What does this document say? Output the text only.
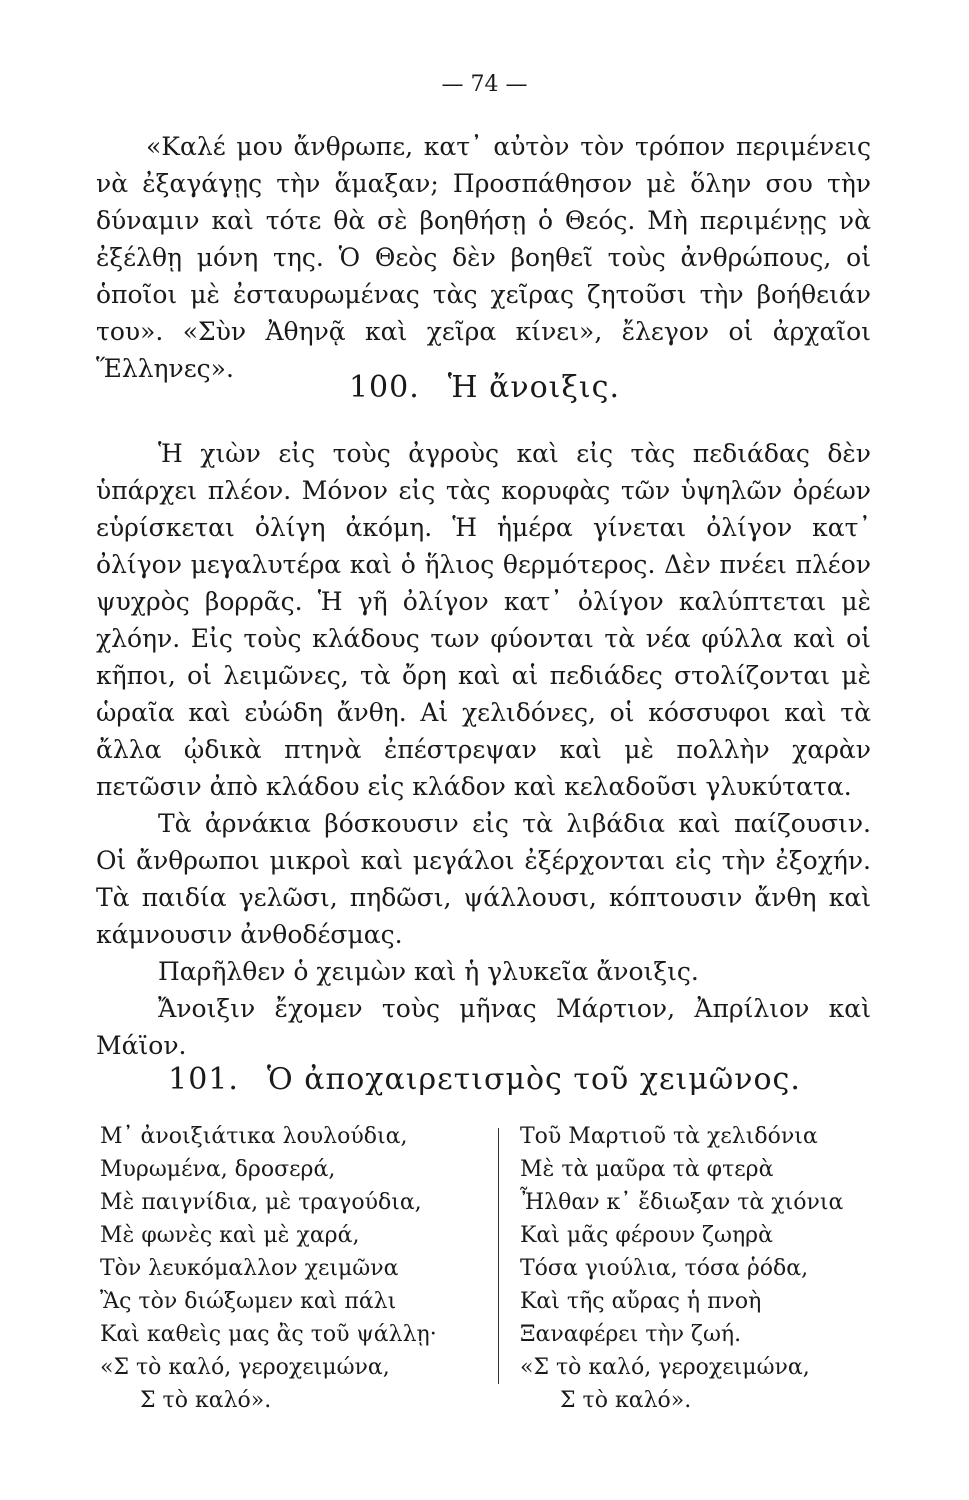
— 74 —
«Καλέ μου ἄνθρωπε, κατ᾽ αὐτὸν τὸν τρόπον περιμένεις νὰ ἐξαγάγῃς τὴν ἅμαξαν; Προσπάθησον μὲ ὅλην σου τὴν δύναμιν καὶ τότε θὰ σὲ βοηθήσῃ ὁ Θεός. Μὴ περιμένῃς νὰ ἐξέλθῃ μόνη της. Ὁ Θεὸς δὲν βοηθεῖ τοὺς ἀνθρώπους, οἱ ὁποῖοι μὲ ἐσταυρωμένας τὰς χεῖρας ζητοῦσι τὴν βοήθειάν του». «Σὺν Ἀθηνᾷ καὶ χεῖρα κίνει», ἔλεγον οἱ ἀρχαῖοι Ἕλληνες».
100. Ἡ ἄνοιξις.

Ἡ χιὼν εἰς τοὺς ἀγροὺς καὶ εἰς τὰς πεδιάδας δὲν ὑπάρχει πλέον. Μόνον εἰς τὰς κορυφὰς τῶν ὑψηλῶν ὀρέων εὑρίσκεται ὀλίγη ἀκόμη. Ἡ ἡμέρα γίνεται ὀλίγον κατ᾽ ὀλίγον μεγαλυτέρα καὶ ὁ ἥλιος θερμότερος. Δὲν πνέει πλέον ψυχρὸς βορρᾶς. Ἡ γῆ ὀλίγον κατ᾽ ὀλίγον καλύπτεται μὲ χλόην. Εἰς τοὺς κλάδους των φύονται τὰ νέα φύλλα καὶ οἱ κῆποι, οἱ λειμῶνες, τὰ ὄρη καὶ αἱ πεδιάδες στολίζονται μὲ ὡραῖα καὶ εὐώδη ἄνθη. Αἱ χελιδόνες, οἱ κόσσυφοι καὶ τὰ ἄλλα ᾠδικὰ πτηνὰ ἐπέστρεψαν καὶ μὲ πολλὴν χαρὰν πετῶσιν ἀπὸ κλάδου εἰς κλάδον καὶ κελαδοῦσι γλυκύτατα.

Τὰ ἀρνάκια βόσκουσιν εἰς τὰ λιβάδια καὶ παίζουσιν. Οἱ ἄνθρωποι μικροὶ καὶ μεγάλοι ἐξέρχονται εἰς τὴν ἐξοχήν. Τὰ παιδία γελῶσι, πηδῶσι, ψάλλουσι, κόπτουσιν ἄνθη καὶ κάμνουσιν ἀνθοδέσμας.

Παρῆλθεν ὁ χειμὼν καὶ ἡ γλυκεῖα ἄνοιξις.

Ἄνοιξιν ἔχομεν τοὺς μῆνας Μάρτιον, Ἀπρίλιον καὶ Μάϊον.

101. Ὁ ἀποχαιρετισμὸς τοῦ χειμῶνος.
Μ᾽ ἀνοιξιάτικα λουλούδια,
Μυρωμένα, δροσερά,
Μὲ παιγνίδια, μὲ τραγούδια,
Μὲ φωνὲς καὶ μὲ χαρά,
Τὸν λευκόμαλλον χειμῶνα
Ἂς τὸν διώξωμεν καὶ πάλι
Καὶ καθεὶς μας ἂς τοῦ ψάλλῃ·
«Σ τὸ καλό, γεροχειμώνα,
Σ τὸ καλό».
Τοῦ Μαρτιοῦ τὰ χελιδόνια
Μὲ τὰ μαῦρα τὰ φτερὰ
Ἦλθαν κ᾽ ἔδιωξαν τὰ χιόνια
Καὶ μᾶς φέρουν ζωηρὰ
Τόσα γιούλια, τόσα ῥόδα,
Καὶ τῆς αὔρας ἡ πνοὴ
Ξαναφέρει τὴν ζωή.
«Σ τὸ καλό, γεροχειμώνα,
Σ τὸ καλό».
